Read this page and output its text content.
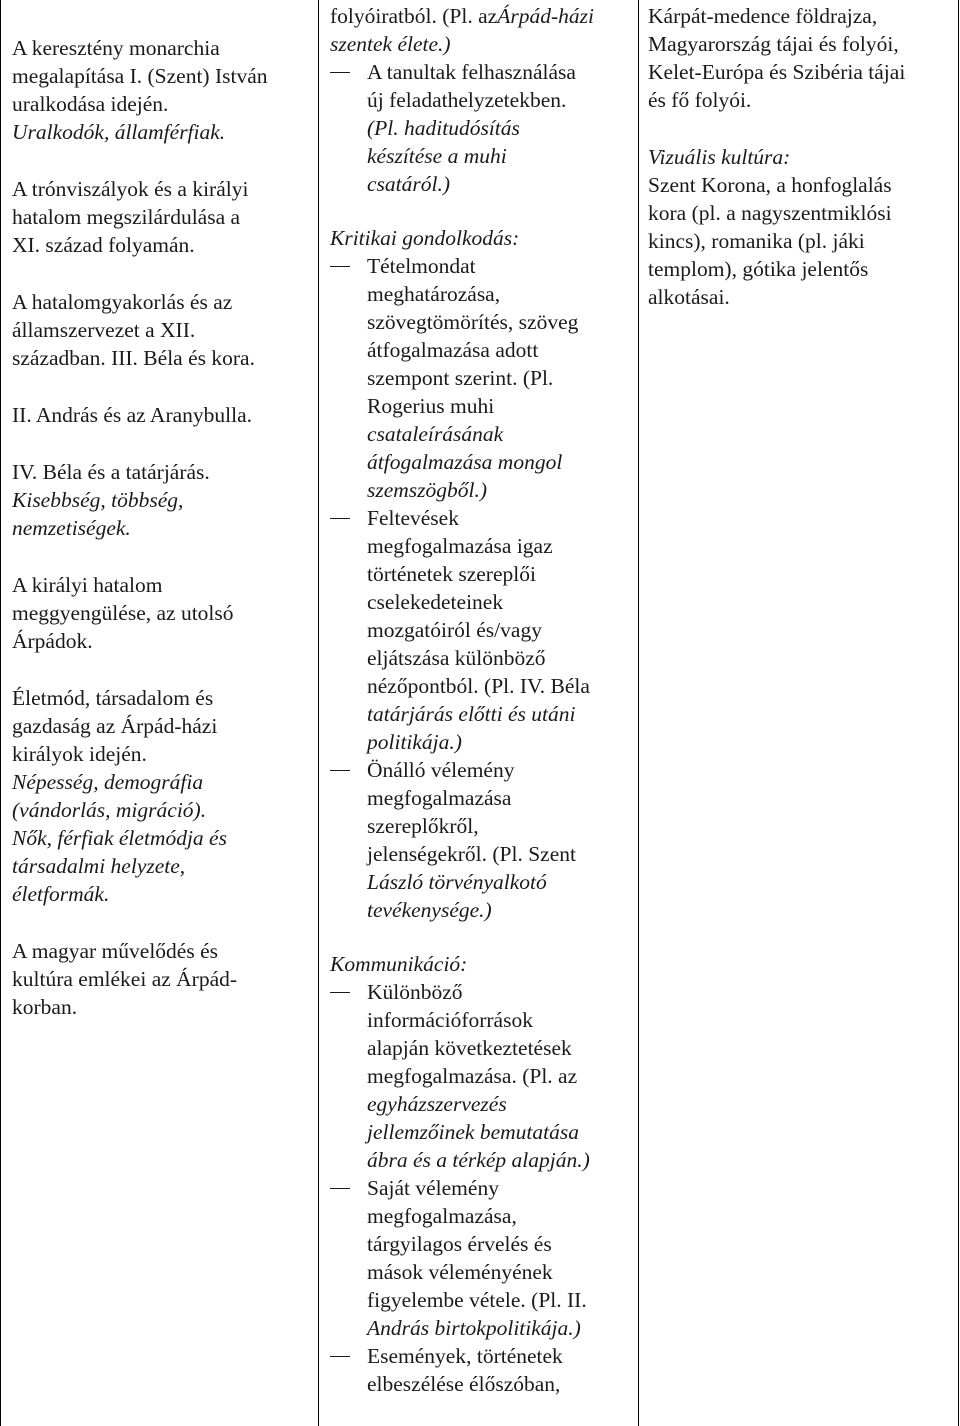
A keresztény monarchia
megalapítása I. (Szent) István
uralkodása idején.
Uralkodók, államférfiak.
A trónviszályok és a királyi
hatalom megszilárdulása a
XI. század folyamán.
A hatalomgyakorlás és az
államszervezet a XII.
században. III. Béla és kora.
II. András és az Aranybulla.
IV. Béla és a tatárjárás.
Kisebbség, többség,
nemzetiségek.
A királyi hatalom
meggyengülése, az utolsó
Árpádok.
Életmód, társadalom és
gazdaság az Árpád-házi
királyok idején.
Népesség, demográfia
(vándorlás, migráció).
Nők, férfiak életmódja és
társadalmi helyzete,
életformák.
A magyar művelődés és
kultúra emlékei az Árpád-
korban.
folyóiratból. (Pl. azÁrpád-házi szentek élete.)
A tanultak felhasználása
új feladathelyzetekben.
(Pl. haditudósítás
készítése a muhi
csatáról.)
Kritikai gondolkodás:
Tételmondat
meghatározása,
szövegtömörítés, szöveg
átfogalmazása adott
szempont szerint. (Pl.
Rogerius muhi
csataleírásának
átfogalmazása mongol
szemszögből.)
Feltevések
megfogalmazása igaz
történetek szereplői
cselekedeteinek
mozgatóiról és/vagy
eljátszása különböző
nézőpontból. (Pl. IV. Béla
tatárjárás előtti és utáni
politikája.)
Önálló vélemény
megfogalmazása
szereplőkről,
jelenségekről. (Pl. Szent
László törvényalkotó
tevékenysége.)
Kommunikáció:
Különböző
információforrások
alapján következtetések
megfogalmazása. (Pl. az
egyházszervezés
jellemzőinek bemutatása
ábra és a térkép alapján.)
Saját vélemény
megfogalmazása,
tárgyilagos érvelés és
mások véleményének
figyelembe vétele. (Pl. II.
András birtokpolitikája.)
Események, történetek
elbeszélése élőszóban,
Kárpát-medence földrajza,
Magyarország tájai és folyói,
Kelet-Európa és Szibéria tájai
és fő folyói.
Vizuális kultúra:
Szent Korona, a honfoglalás
kora (pl. a nagyszentmiklósi
kincs), romanika (pl. jáki
templom), gótika jelentős
alkotásai.
